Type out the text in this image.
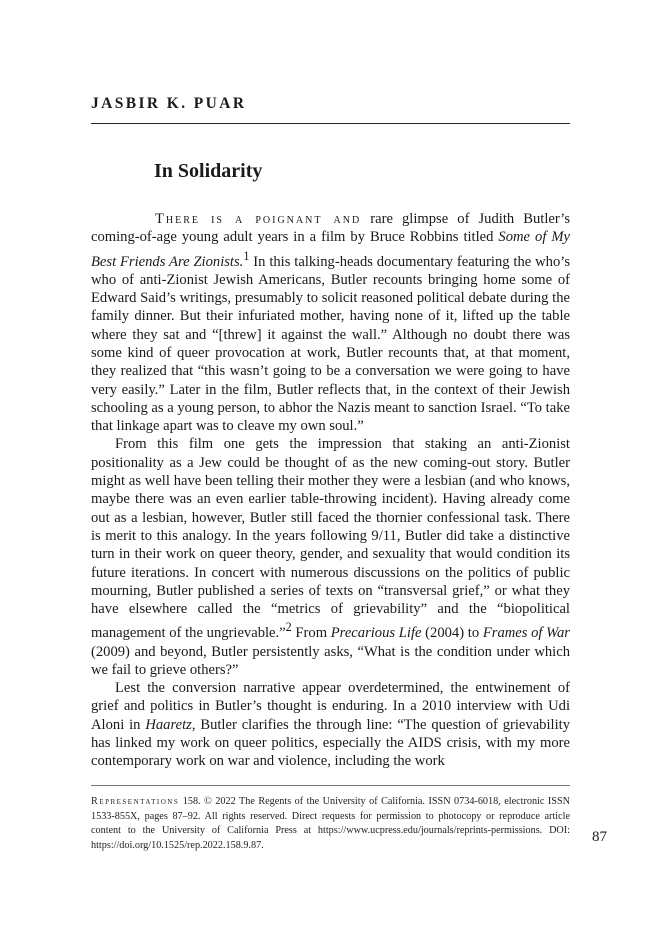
JASBIR K. PUAR
In Solidarity

There is a poignant and rare glimpse of Judith Butler’s coming-of-age young adult years in a film by Bruce Robbins titled Some of My Best Friends Are Zionists.$^1$ In this talking-heads documentary featuring the who’s who of anti-Zionist Jewish Americans, Butler recounts bringing home some of Edward Said’s writings, presumably to solicit reasoned political debate during the family dinner. But their infuriated mother, having none of it, lifted up the table where they sat and “[threw] it against the wall.” Although no doubt there was some kind of queer provocation at work, Butler recounts that, at that moment, they realized that “this wasn’t going to be a conversation we were going to have very easily.” Later in the film, Butler reflects that, in the context of their Jewish schooling as a young person, to abhor the Nazis meant to sanction Israel. “To take that linkage apart was to cleave my own soul.”

From this film one gets the impression that staking an anti-Zionist positionality as a Jew could be thought of as the new coming-out story. Butler might as well have been telling their mother they were a lesbian (and who knows, maybe there was an even earlier table-throwing incident). Having already come out as a lesbian, however, Butler still faced the thornier confessional task. There is merit to this analogy. In the years following 9/11, Butler did take a distinctive turn in their work on queer theory, gender, and sexuality that would condition its future iterations. In concert with numerous discussions on the politics of public mourning, Butler published a series of texts on “transversal grief,” or what they have elsewhere called the “metrics of grievability” and the “biopolitical management of the ungrievable.”$^2$ From Precarious Life (2004) to Frames of War (2009) and beyond, Butler persistently asks, “What is the condition under which we fail to grieve others?”

Lest the conversion narrative appear overdetermined, the entwinement of grief and politics in Butler’s thought is enduring. In a 2010 interview with Udi Aloni in Haaretz, Butler clarifies the through line: “The question of grievability has linked my work on queer politics, especially the AIDS crisis, with my more contemporary work on war and violence, including the work

Representations 158. © 2022 The Regents of the University of California. ISSN 0734-6018, electronic ISSN 1533-855X, pages 87–92. All rights reserved. Direct requests for permission to photocopy or reproduce article content to the University of California Press at https://www.ucpress.edu/journals/reprints-permissions. DOI: https://doi.org/10.1525/rep.2022.158.9.87.
87
